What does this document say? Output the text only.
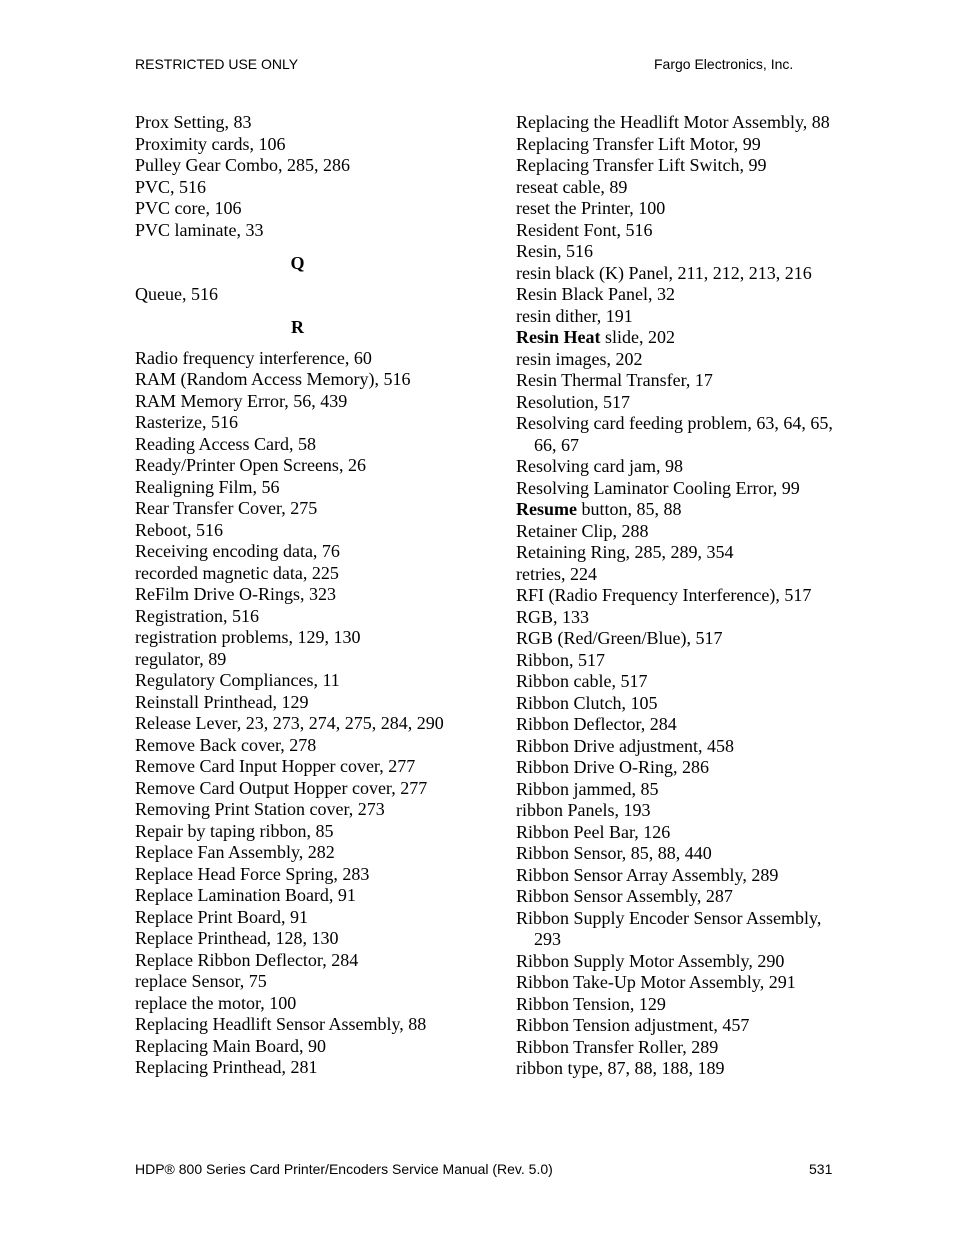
RESTRICTED USE ONLY	Fargo Electronics, Inc.
Prox Setting, 83
Proximity cards, 106
Pulley Gear Combo, 285, 286
PVC, 516
PVC core, 106
PVC laminate, 33
Q
Queue, 516
R
Radio frequency interference, 60
RAM (Random Access Memory), 516
RAM Memory Error, 56, 439
Rasterize, 516
Reading Access Card, 58
Ready/Printer Open Screens, 26
Realigning Film, 56
Rear Transfer Cover, 275
Reboot, 516
Receiving encoding data, 76
recorded magnetic data, 225
ReFilm Drive O-Rings, 323
Registration, 516
registration problems, 129, 130
regulator, 89
Regulatory Compliances, 11
Reinstall Printhead, 129
Release Lever, 23, 273, 274, 275, 284, 290
Remove Back cover, 278
Remove Card Input Hopper cover, 277
Remove Card Output Hopper cover, 277
Removing Print Station cover, 273
Repair by taping ribbon, 85
Replace Fan Assembly, 282
Replace Head Force Spring, 283
Replace Lamination Board, 91
Replace Print Board, 91
Replace Printhead, 128, 130
Replace Ribbon Deflector, 284
replace Sensor, 75
replace the motor, 100
Replacing Headlift Sensor Assembly, 88
Replacing Main Board, 90
Replacing Printhead, 281
Replacing the Headlift Motor Assembly, 88
Replacing Transfer Lift Motor, 99
Replacing Transfer Lift Switch, 99
reseat cable, 89
reset the Printer, 100
Resident Font, 516
Resin, 516
resin black (K) Panel, 211, 212, 213, 216
Resin Black Panel, 32
resin dither, 191
Resin Heat slide, 202
resin images, 202
Resin Thermal Transfer, 17
Resolution, 517
Resolving card feeding problem, 63, 64, 65, 66, 67
Resolving card jam, 98
Resolving Laminator Cooling Error, 99
Resume button, 85, 88
Retainer Clip, 288
Retaining Ring, 285, 289, 354
retries, 224
RFI (Radio Frequency Interference), 517
RGB, 133
RGB (Red/Green/Blue), 517
Ribbon, 517
Ribbon cable, 517
Ribbon Clutch, 105
Ribbon Deflector, 284
Ribbon Drive adjustment, 458
Ribbon Drive O-Ring, 286
Ribbon jammed, 85
ribbon Panels, 193
Ribbon Peel Bar, 126
Ribbon Sensor, 85, 88, 440
Ribbon Sensor Array Assembly, 289
Ribbon Sensor Assembly, 287
Ribbon Supply Encoder Sensor Assembly, 293
Ribbon Supply Motor Assembly, 290
Ribbon Take-Up Motor Assembly, 291
Ribbon Tension, 129
Ribbon Tension adjustment, 457
Ribbon Transfer Roller, 289
ribbon type, 87, 88, 188, 189
HDP® 800 Series Card Printer/Encoders Service Manual (Rev. 5.0)	531
